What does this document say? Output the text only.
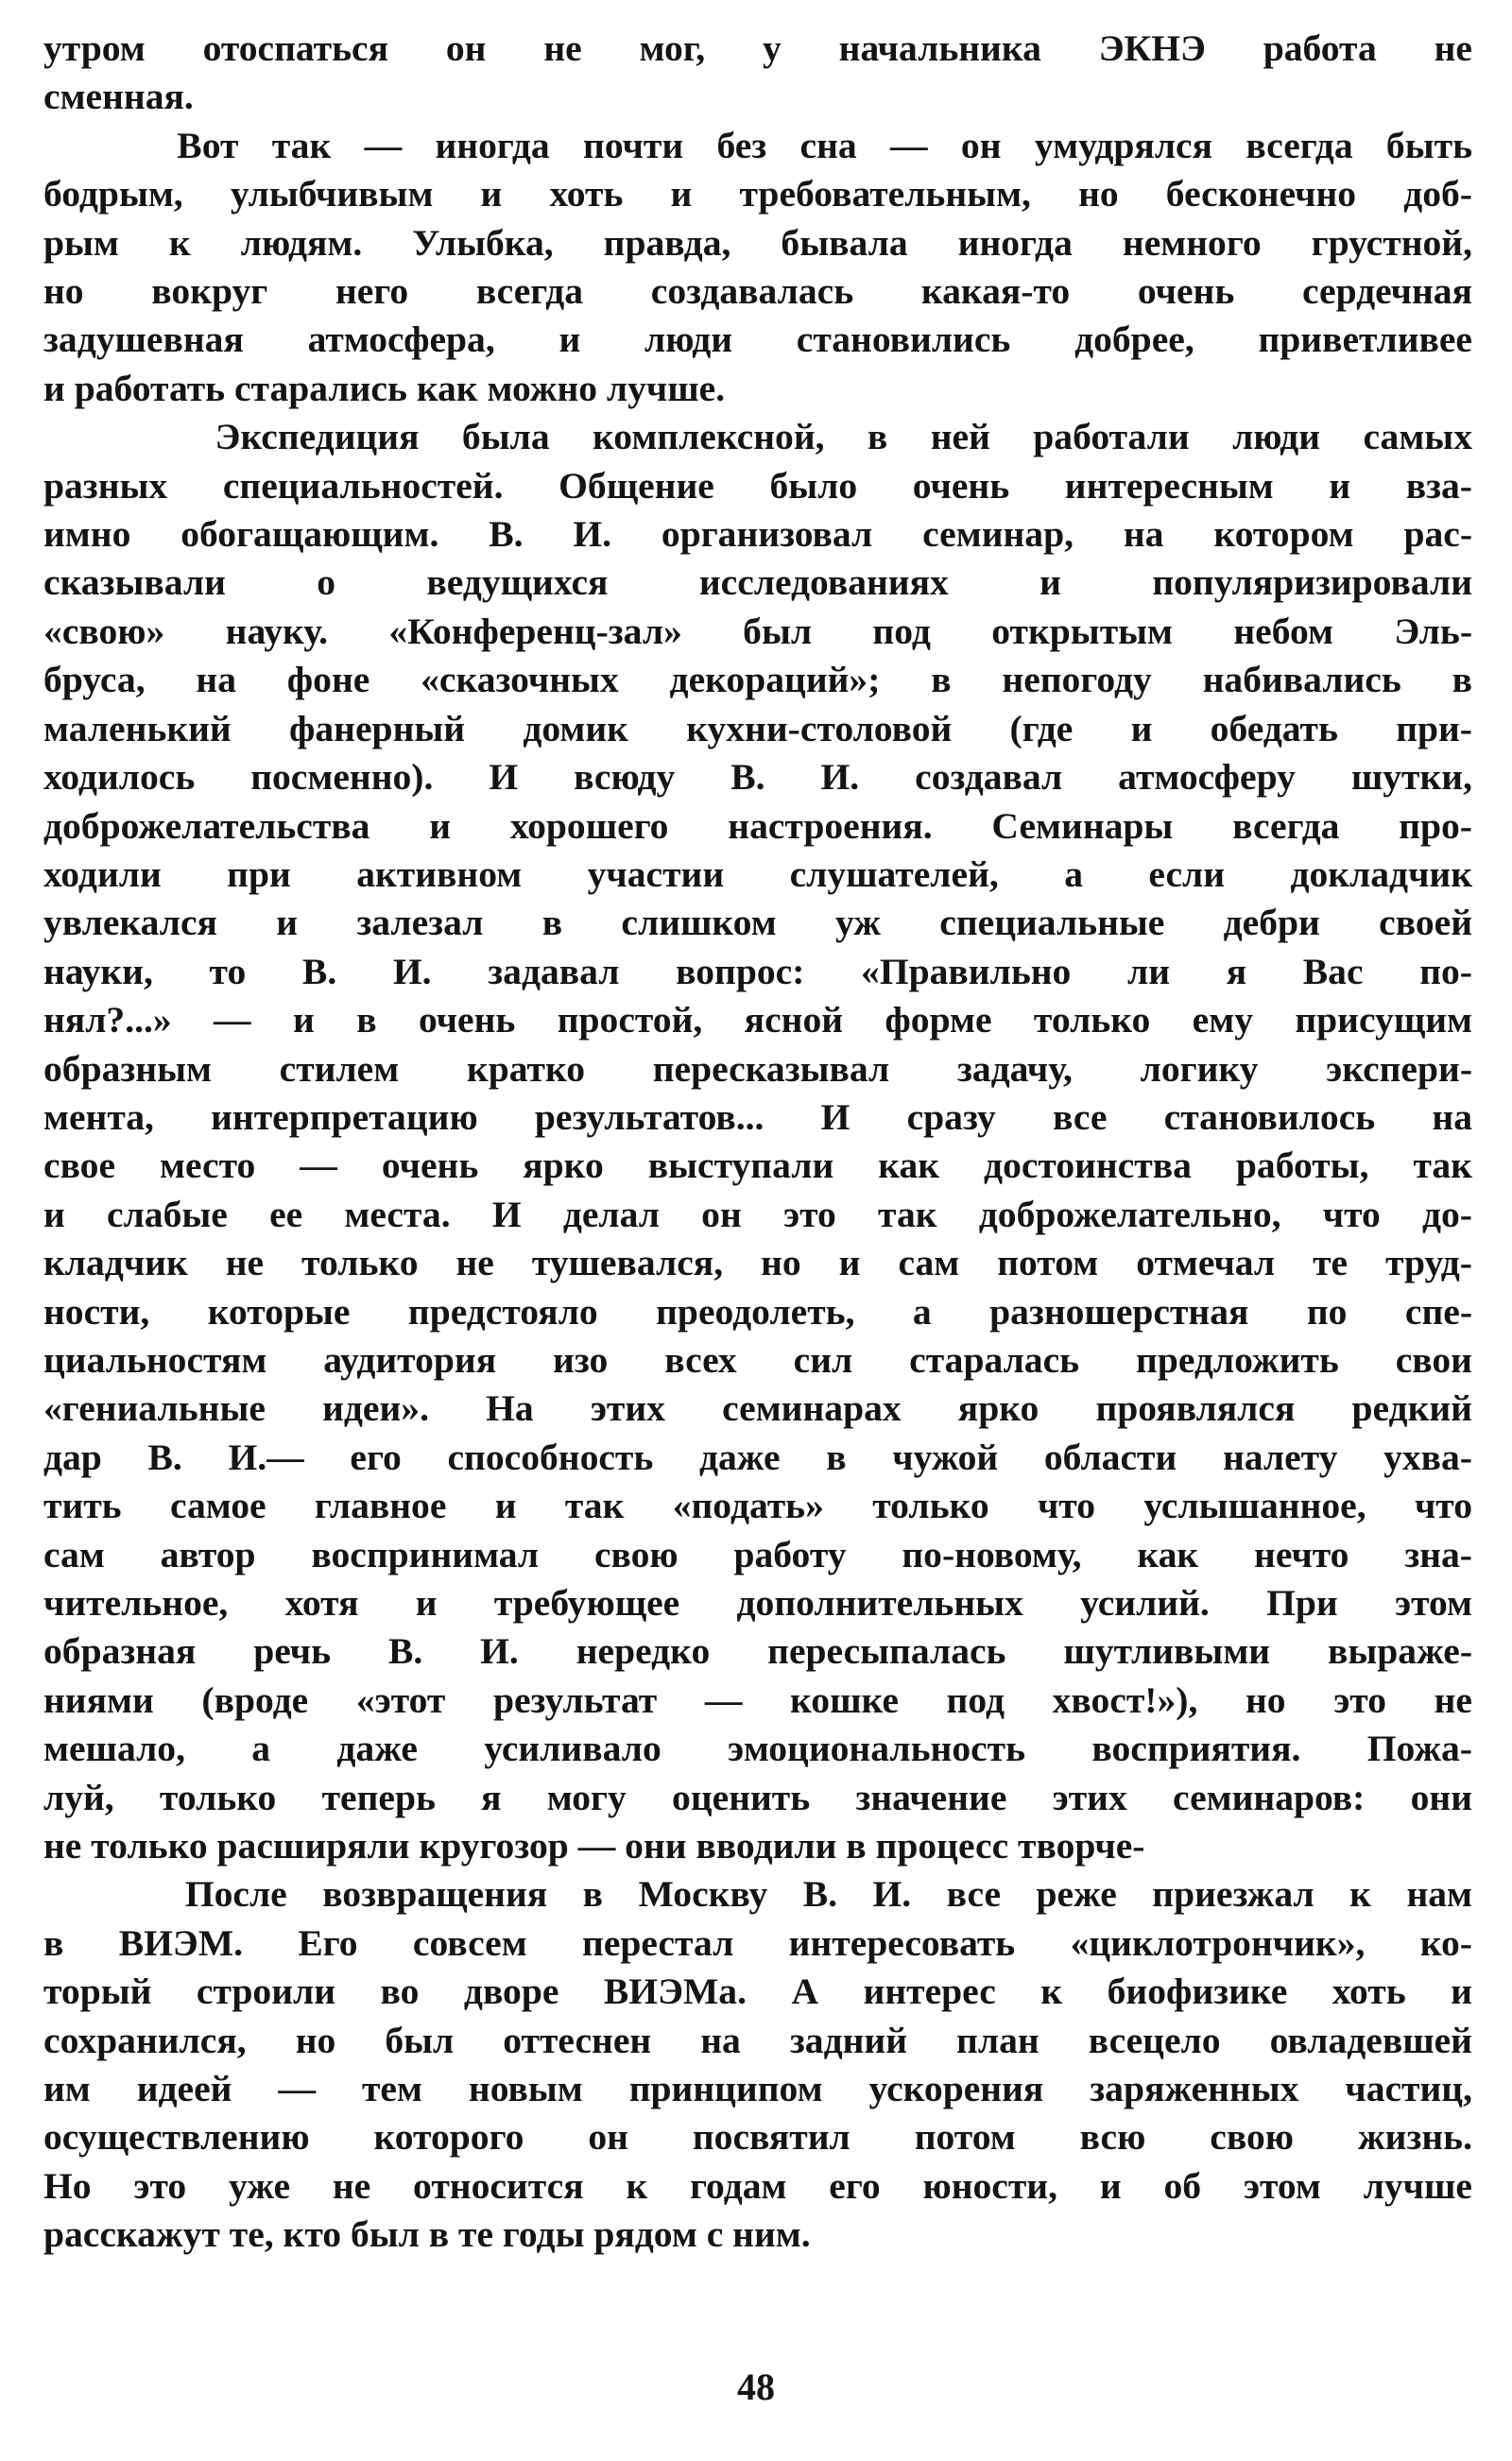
утром отоспаться он не мог, у начальника ЭКНЭ работа не
сменная.
Вот так — иногда почти без сна — он умудрялся всегда быть
бодрым, улыбчивым и хоть и требовательным, но бесконечно доб-
рым к людям. Улыбка, правда, бывала иногда немного грустной,
но вокруг него всегда создавалась какая-то очень сердечная
задушевная атмосфера, и люди становились добрее, приветливее
и работать старались как можно лучше.
Экспедиция была комплексной, в ней работали люди самых
разных специальностей. Общение было очень интересным и вза-
имно обогащающим. В. И. организовал семинар, на котором рас-
сказывали о ведущихся исследованиях и популяризировали
«свою» науку. «Конференц-зал» был под открытым небом Эль-
бруса, на фоне «сказочных декораций»; в непогоду набивались в
маленький фанерный домик кухни-столовой (где и обедать при-
ходилось посменно). И всюду В. И. создавал атмосферу шутки,
доброжелательства и хорошего настроения. Семинары всегда про-
ходили при активном участии слушателей, а если докладчик
увлекался и залезал в слишком уж специальные дебри своей
науки, то В. И. задавал вопрос: «Правильно ли я Вас по-
нял?...» — и в очень простой, ясной форме только ему присущим
образным стилем кратко пересказывал задачу, логику экспери-
мента, интерпретацию результатов... И сразу все становилось на
свое место — очень ярко выступали как достоинства работы, так
и слабые ее места. И делал он это так доброжелательно, что до-
кладчик не только не тушевался, но и сам потом отмечал те труд-
ности, которые предстояло преодолеть, а разношерстная по спе-
циальностям аудитория изо всех сил старалась предложить свои
«гениальные идеи». На этих семинарах ярко проявлялся редкий
дар В. И.— его способность даже в чужой области налету ухва-
тить самое главное и так «подать» только что услышанное, что
сам автор воспринимал свою работу по-новому, как нечто зна-
чительное, хотя и требующее дополнительных усилий. При этом
образная речь В. И. нередко пересыпалась шутливыми выраже-
ниями (вроде «этот результат — кошке под хвост!»), но это не
мешало, а даже усиливало эмоциональность восприятия. Пожа-
луй, только теперь я могу оценить значение этих семинаров: они
не только расширяли кругозор — они вводили в процесс творче-
После возвращения в Москву В. И. все реже приезжал к нам
в ВИЭМ. Его совсем перестал интересовать «циклотрончик», ко-
торый строили во дворе ВИЭМа. А интерес к биофизике хоть и
сохранился, но был оттеснен на задний план всецело овладевшей
им идеей — тем новым принципом ускорения заряженных частиц,
осуществлению которого он посвятил потом всю свою жизнь.
Но это уже не относится к годам его юности, и об этом лучше
расскажут те, кто был в те годы рядом с ним.
48
